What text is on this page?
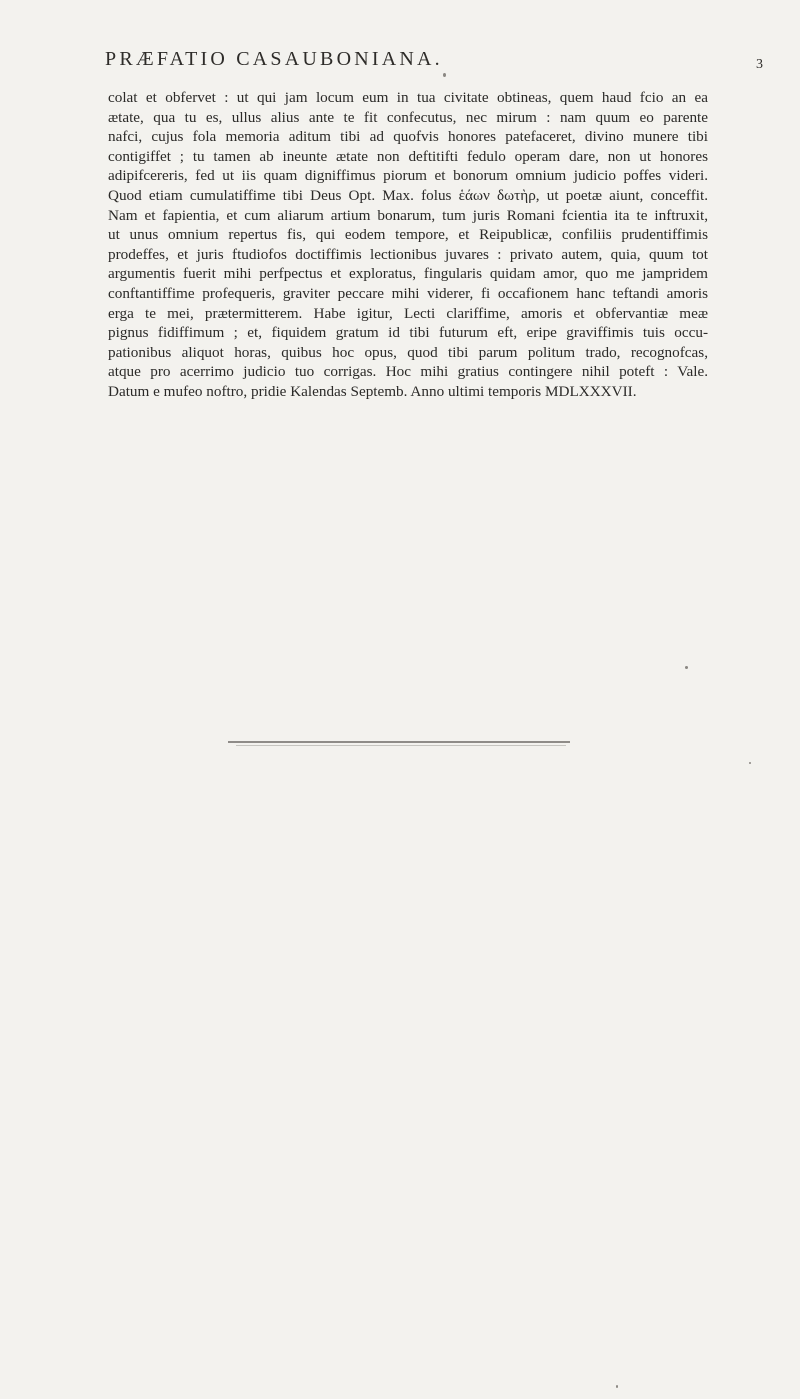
PRÆFATIO CASAUBONIANA.	3
colat et obfervet : ut qui jam locum eum in tua civitate obtineas, quem haud fcio an ea
ætate, qua tu es, ullus alius ante te fit confecutus, nec mirum : nam quum eo parente
nafci, cujus fola memoria aditum tibi ad quofvis honores patefaceret, divino munere tibi
contigiffet ; tu tamen ab ineunte ætate non deftitifti fedulo operam dare, non ut honores
adipifcereris, fed ut iis quam digniffimus piorum et bonorum omnium judicio poffes videri.
Quod etiam cumulatiffime tibi Deus Opt. Max. folus ἑάων δωτὴρ, ut poetæ aiunt, conceffit.
Nam et fapientia, et cum aliarum artium bonarum, tum juris Romani fcientia ita te inftruxit,
ut unus omnium repertus fis, qui eodem tempore, et Reipublicæ, confiliis prudentiffimis
prodeffes, et juris ftudiofos doctiffimis lectionibus juvares : privato autem, quia, quum tot
argumentis fuerit mihi perfpectus et exploratus, fingularis quidam amor, quo me jampridem
conftantiffime profequeris, graviter peccare mihi viderer, fi occafionem hanc teftandi amoris
erga te mei, prætermitterem. Habe igitur, Lecti clariffime, amoris et obfervantiæ meæ
pignus fidiffimum ; et, fiquidem gratum id tibi futurum eft, eripe graviffimis tuis occu-
pationibus aliquot horas, quibus hoc opus, quod tibi parum politum trado, recognofcas,
atque pro acerrimo judicio tuo corrigas. Hoc mihi gratius contingere nihil poteft : Vale.
Datum e mufeo noftro, pridie Kalendas Septemb. Anno ultimi temporis MDLXXXVII.
